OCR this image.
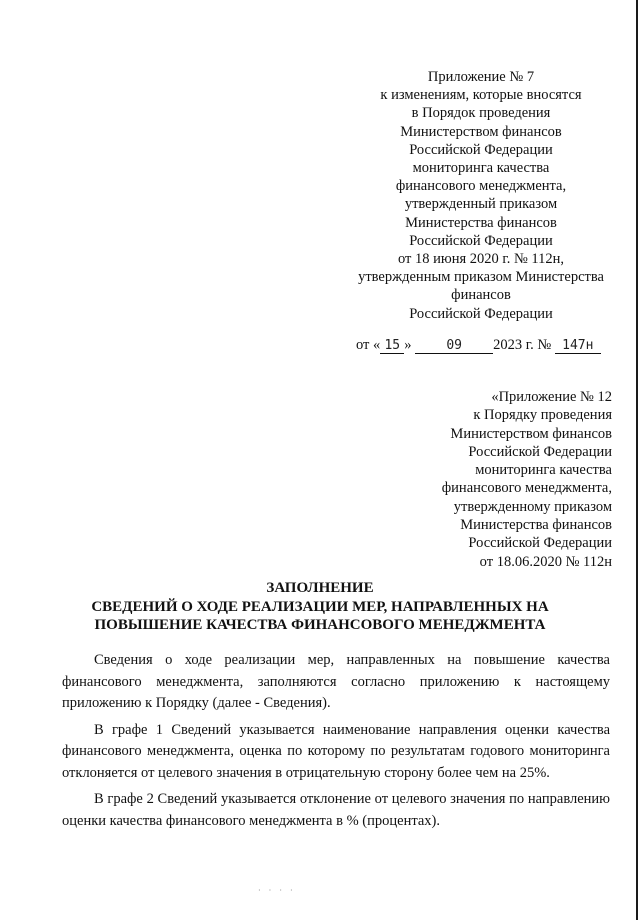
Приложение № 7
к изменениям, которые вносятся
в Порядок проведения
Министерством финансов
Российской Федерации
мониторинга качества
финансового менеджмента,
утвержденный приказом
Министерства финансов
Российской Федерации
от 18 июня 2020 г. № 112н,
утвержденным приказом Министерства
финансов
Российской Федерации
от « 15 »	09 2023 г. № 147н
«Приложение № 12
к Порядку проведения
Министерством финансов
Российской Федерации
мониторинга качества
финансового менеджмента,
утвержденному приказом
Министерства финансов
Российской Федерации
от 18.06.2020 № 112н
ЗАПОЛНЕНИЕ
СВЕДЕНИЙ О ХОДЕ РЕАЛИЗАЦИИ МЕР, НАПРАВЛЕННЫХ НА
ПОВЫШЕНИЕ КАЧЕСТВА ФИНАНСОВОГО МЕНЕДЖМЕНТА

Сведения о ходе реализации мер, направленных на повышение качества финансового менеджмента, заполняются согласно приложению к настоящему приложению к Порядку (далее - Сведения).

В графе 1 Сведений указывается наименование направления оценки качества финансового менеджмента, оценка по которому по результатам годового мониторинга отклоняется от целевого значения в отрицательную сторону более чем на 25%.

В графе 2 Сведений указывается отклонение от целевого значения по направлению оценки качества финансового менеджмента в % (процентах).

· · · ·
